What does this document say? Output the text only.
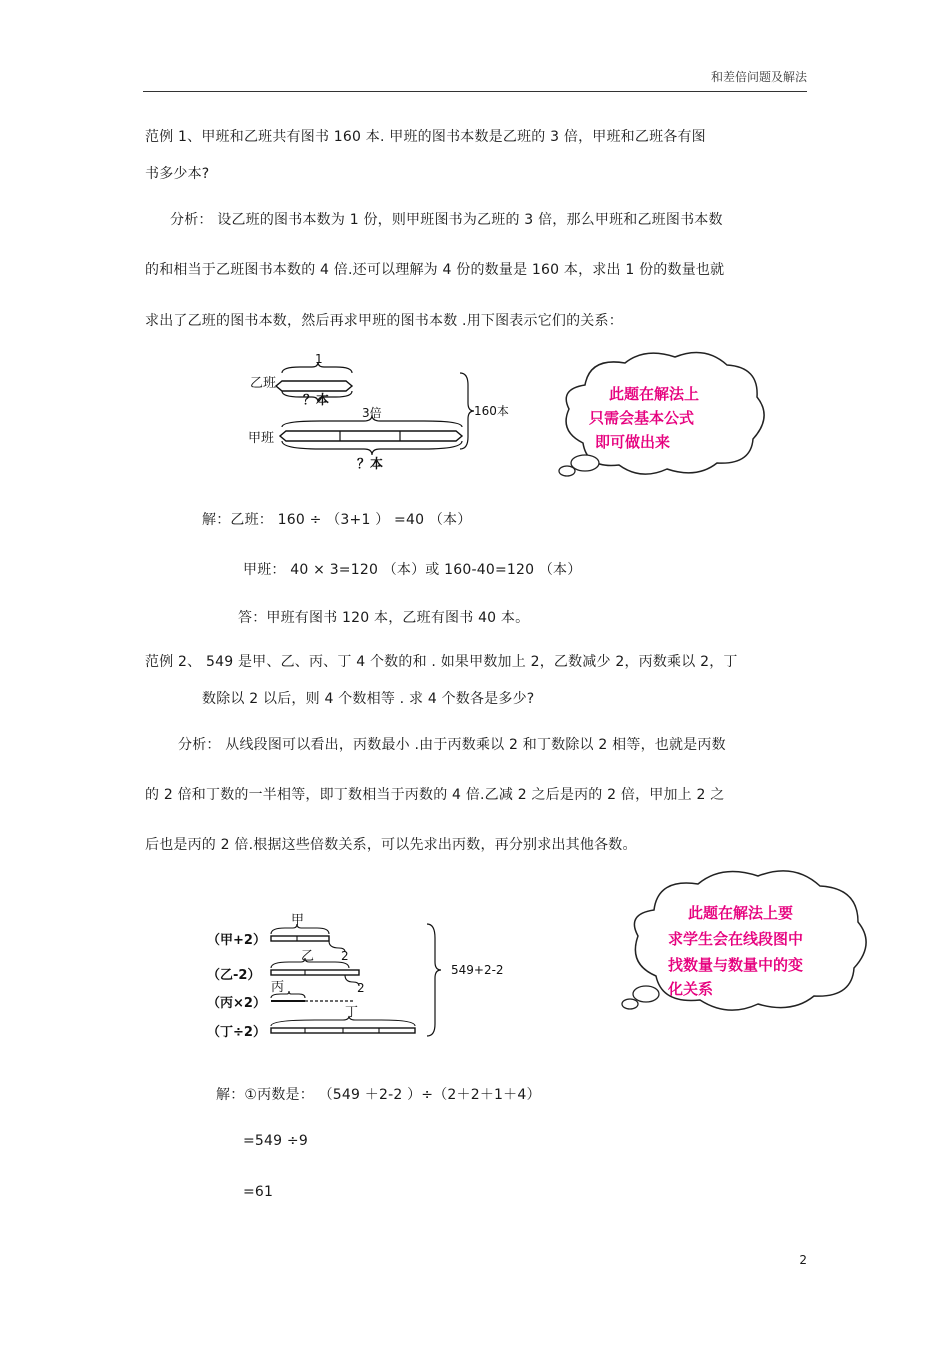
和差倍问题及解法
范例 1、甲班和乙班共有图书 160 本. 甲班的图书本数是乙班的 3 倍，甲班和乙班各有图
书多少本?
分析： 设乙班的图书本数为 1 份，则甲班图书为乙班的 3 倍，那么甲班和乙班图书本数
的和相当于乙班图书本数的 4 倍.还可以理解为 4 份的数量是 160 本，求出 1 份的数量也就
求出了乙班的图书本数，然后再求甲班的图书本数 .用下图表示它们的关系：
乙班
甲班
1
？本
3倍
？本
160本
此题在解法上
只需会基本公式
即可做出来
解：乙班： 160 ÷ （3+1 ） =40 （本）
甲班： 40 × 3=120 （本）或 160-40=120 （本）
答：甲班有图书 120 本，乙班有图书 40 本。
范例 2、 549 是甲、乙、丙、丁 4 个数的和 . 如果甲数加上 2，乙数减少 2，丙数乘以 2，丁
数除以 2 以后，则 4 个数相等 . 求 4 个数各是多少?
分析： 从线段图可以看出，丙数最小 .由于丙数乘以 2 和丁数除以 2 相等，也就是丙数
的 2 倍和丁数的一半相等，即丁数相当于丙数的 4 倍.乙减 2 之后是丙的 2 倍，甲加上 2 之
后也是丙的 2 倍.根据这些倍数关系，可以先求出丙数，再分别求出其他各数。
（甲+2）
（乙-2）
（丙×2）
（丁÷2）
甲
2
乙
2
丙
丁
549+2-2
此题在解法上要
求学生会在线段图中
找数量与数量中的变
化关系
解：①丙数是： （549 ＋2-2 ）÷（2＋2＋1＋4）
=549 ÷9
=61
2
